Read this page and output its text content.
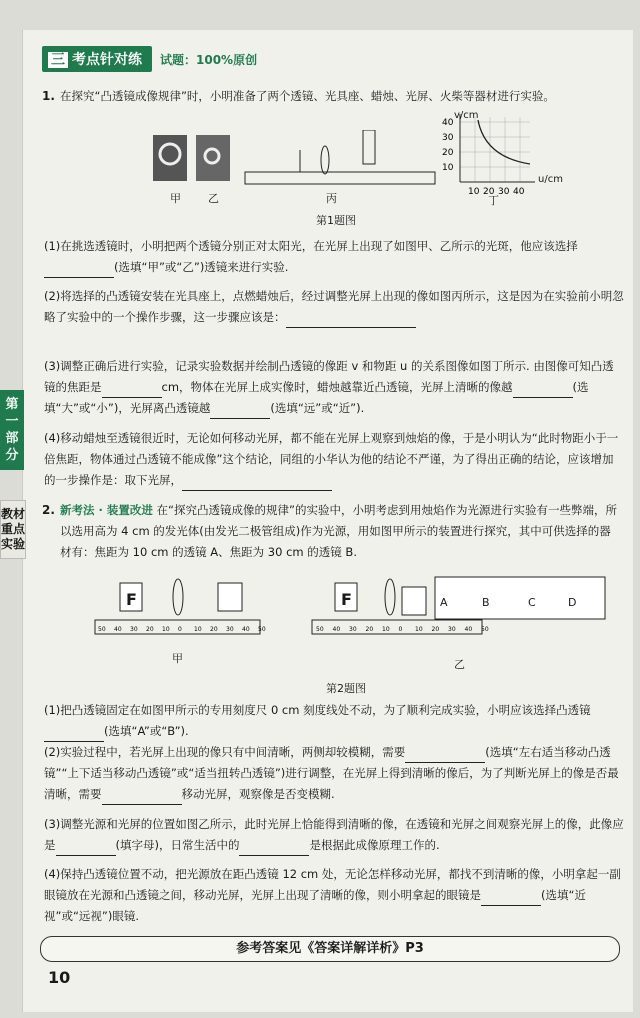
第一部分
教材重点实验
三 考点针对练	试题：100%原创
1. 在探究“凸透镜成像规律”时，小明准备了两个透镜、光具座、蜡烛、光屏、火柴等器材进行实验。
甲 乙	丙
40
30
20
10
10 20 30 40
v/cm
u/cm
丁
第1题图
(1)在挑选透镜时，小明把两个透镜分别正对太阳光，在光屏上出现了如图甲、乙所示的光斑，他应该选择(选填“甲”或“乙”)透镜来进行实验.
(2)将选择的凸透镜安装在光具座上，点燃蜡烛后，经过调整光屏上出现的像如图丙所示，这是因为在实验前小明忽略了实验中的一个操作步骤，这一步骤应该是：
(3)调整正确后进行实验，记录实验数据并绘制凸透镜的像距 v 和物距 u 的关系图像如图丁所示. 由图像可知凸透镜的焦距是	cm，物体在光屏上成实像时，蜡烛越靠近凸透镜，光屏上清晰的像越	(选填“大”或“小”)，光屏离凸透镜越	(选填“远”或“近”).
(4)移动蜡烛至透镜很近时，无论如何移动光屏，都不能在光屏上观察到烛焰的像，于是小明认为“此时物距小于一倍焦距，物体通过凸透镜不能成像”这个结论，同组的小华认为他的结论不严谨，为了得出正确的结论，应该增加的一步操作是：取下光屏，
2. 新考法 · 装置改进 在“探究凸透镜成像的规律”的实验中，小明考虑到用烛焰作为光源进行实验有一些弊端，所以选用高为 4 cm 的发光体(由发光二极管组成)作为光源，用如图甲所示的装置进行探究，其中可供选择的器材有：焦距为 10 cm 的透镜 A、焦距为 30 cm 的透镜 B.
50 40 30 20 10 0 10 20 30 40 50	50 40 30 20 10 0 10 20 30 40 50
F	F	A	B	C	D
甲	乙
第2题图
(1)把凸透镜固定在如图甲所示的专用刻度尺 0 cm 刻度线处不动，为了顺利完成实验，小明应该选择凸透镜(选填“A”或“B”).
(2)实验过程中，若光屏上出现的像只有中间清晰，两侧却较模糊，需要	(选填“左右适当移动凸透镜”“上下适当移动凸透镜”或“适当扭转凸透镜”)进行调整，在光屏上得到清晰的像后，为了判断光屏上的像是否最清晰，需要	移动光屏，观察像是否变模糊.
(3)调整光源和光屏的位置如图乙所示，此时光屏上恰能得到清晰的像，在透镜和光屏之间观察光屏上的像，此像应是	(填字母)，日常生活中的	是根据此成像原理工作的.
(4)保持凸透镜位置不动，把光源放在距凸透镜 12 cm 处，无论怎样移动光屏，都找不到清晰的像，小明拿起一副眼镜放在光源和凸透镜之间，移动光屏，光屏上出现了清晰的像，则小明拿起的眼镜是	(选填“近视”或“远视”)眼镜.
参考答案见《答案详解详析》P3
10
